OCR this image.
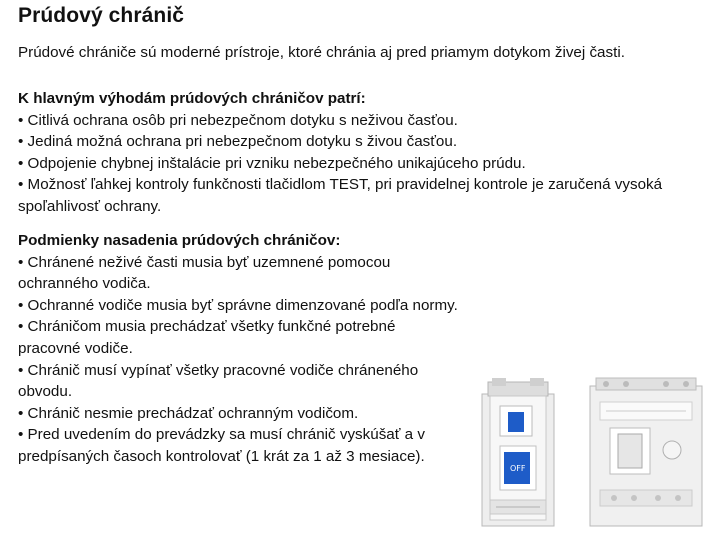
Prúdový chránič
Prúdové chrániče sú moderné prístroje, ktoré chránia aj pred priamym dotykom živej časti.

K hlavným výhodám prúdových chráničov patrí:

• Citlivá ochrana osôb pri nebezpečnom dotyku s neživou časťou.

• Jediná možná ochrana pri nebezpečnom dotyku s živou časťou.

• Odpojenie chybnej inštalácie pri vzniku nebezpečného unikajúceho prúdu.

• Možnosť ľahkej kontroly funkčnosti tlačidlom TEST, pri pravidelnej kontrole je zaručená vysoká spoľahlivosť ochrany.

Podmienky nasadenia prúdových chráničov:

• Chránené neživé časti musia byť uzemnené pomocou ochranného vodiča.

• Ochranné vodiče musia byť správne dimenzované podľa normy.

• Chráničom musia prechádzať všetky funkčné potrebné pracovné vodiče.

• Chránič musí vypínať všetky pracovné vodiče chráneného obvodu.

• Chránič nesmie prechádzať ochranným vodičom.

• Pred uvedením do prevádzky sa musí chránič vyskúšať a v predpísaných časoch kontrolovať (1 krát za 1 až 3 mesiace).

OFF
